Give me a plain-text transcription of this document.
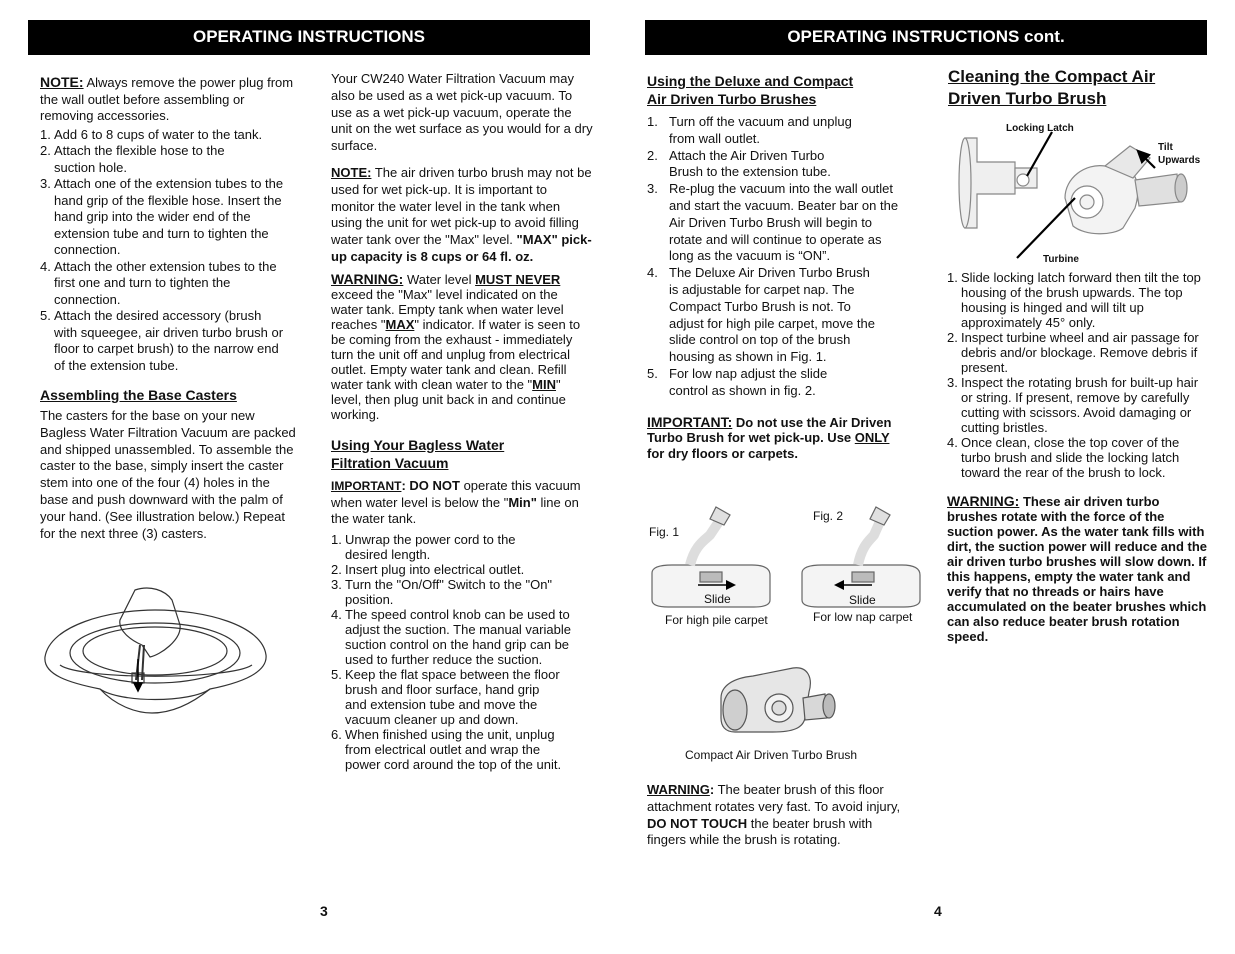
OPERATING INSTRUCTIONS

NOTE: Always remove the power plug from the wall outlet before assembling or removing accessories.

1. Add 6 to 8 cups of water to the tank.
2. Attach the flexible hose to the suction hole.
3. Attach one of the extension tubes to the hand grip of the flexible hose. Insert the hand grip into the wider end of the extension tube and turn to tighten the connection.
4. Attach the other extension tubes to the first one and turn to tighten the connection.
5. Attach the desired accessory (brush with squeegee, air driven turbo brush or floor to carpet brush) to the narrow end of the extension tube.
Assembling the Base Casters

The casters for the base on your new Bagless Water Filtration Vacuum are packed and shipped unassembled. To assemble the caster to the base, simply insert the caster stem into one of the four (4) holes in the base and push downward with the palm of your hand. (See illustration below.) Repeat for the next three (3) casters.

Your CW240 Water Filtration Vacuum may also be used as a wet pick-up vacuum. To use as a wet pick-up vacuum, operate the unit on the wet surface as you would for a dry surface.

NOTE: The air driven turbo brush may not be used for wet pick-up. It is important to monitor the water level in the tank when using the unit for wet pick-up to avoid filling water tank over the "Max" level. "MAX" pick-up capacity is 8 cups or 64 fl. oz.

WARNING: Water level MUST NEVER exceed the "Max" level indicated on the water tank. Empty tank when water level reaches "MAX" indicator. If water is seen to be coming from the exhaust - immediately turn the unit off and unplug from electrical outlet. Empty water tank and clean. Refill water tank with clean water to the "MIN" level, then plug unit back in and continue working.

Using Your Bagless Water
Filtration Vacuum

IMPORTANT: DO NOT operate this vacuum when water level is below the "Min" line on the water tank.

1. Unwrap the power cord to the desired length.
2. Insert plug into electrical outlet.
3. Turn the "On/Off" Switch to the "On" position.
4. The speed control knob can be used to adjust the suction. The manual variable suction control on the hand grip can be used to further reduce the suction.
5. Keep the flat space between the floor brush and floor surface, hand grip and extension tube and move the vacuum cleaner up and down.
6. When finished using the unit, unplug from electrical outlet and wrap the power cord around the top of the unit.
3
OPERATING INSTRUCTIONS cont.
Using the Deluxe and Compact
Air Driven Turbo Brushes
1. Turn off the vacuum and unplug from wall outlet.
2. Attach the Air Driven Turbo Brush to the extension tube.
3. Re-plug the vacuum into the wall outlet and start the vacuum. Beater bar on the Air Driven Turbo Brush will begin to rotate and will continue to operate as long as the vacuum is “ON”.
4. The Deluxe Air Driven Turbo Brush is adjustable for carpet nap. The Compact Turbo Brush is not. To adjust for high pile carpet, move the slide control on top of the brush housing as shown in Fig. 1.
5. For low nap adjust the slide control as shown in fig. 2.

IMPORTANT: Do not use the Air Driven Turbo Brush for wet pick-up. Use ONLY for dry floors or carpets.

Fig. 1
Fig. 2
Slide	Slide
For high pile carpet	For low nap carpet
Compact Air Driven Turbo Brush

WARNING: The beater brush of this floor attachment rotates very fast. To avoid injury, DO NOT TOUCH the beater brush with fingers while the brush is rotating.

Cleaning the Compact Air
Driven Turbo Brush
Locking Latch
Tilt
Upwards
Turbine
1. Slide locking latch forward then tilt the top housing of the brush upwards. The top housing is hinged and will tilt up approximately 45° only.
2. Inspect turbine wheel and air passage for debris and/or blockage. Remove debris if present.
3. Inspect the rotating brush for built-up hair or string. If present, remove by carefully cutting with scissors. Avoid damaging or cutting bristles.
4. Once clean, close the top cover of the turbo brush and slide the locking latch toward the rear of the brush to lock.

WARNING: These air driven turbo brushes rotate with the force of the suction power. As the water tank fills with dirt, the suction power will reduce and the air driven turbo brushes will slow down. If this happens, empty the water tank and verify that no threads or hairs have accumulated on the beater brushes which can also reduce beater brush rotation speed.

4
